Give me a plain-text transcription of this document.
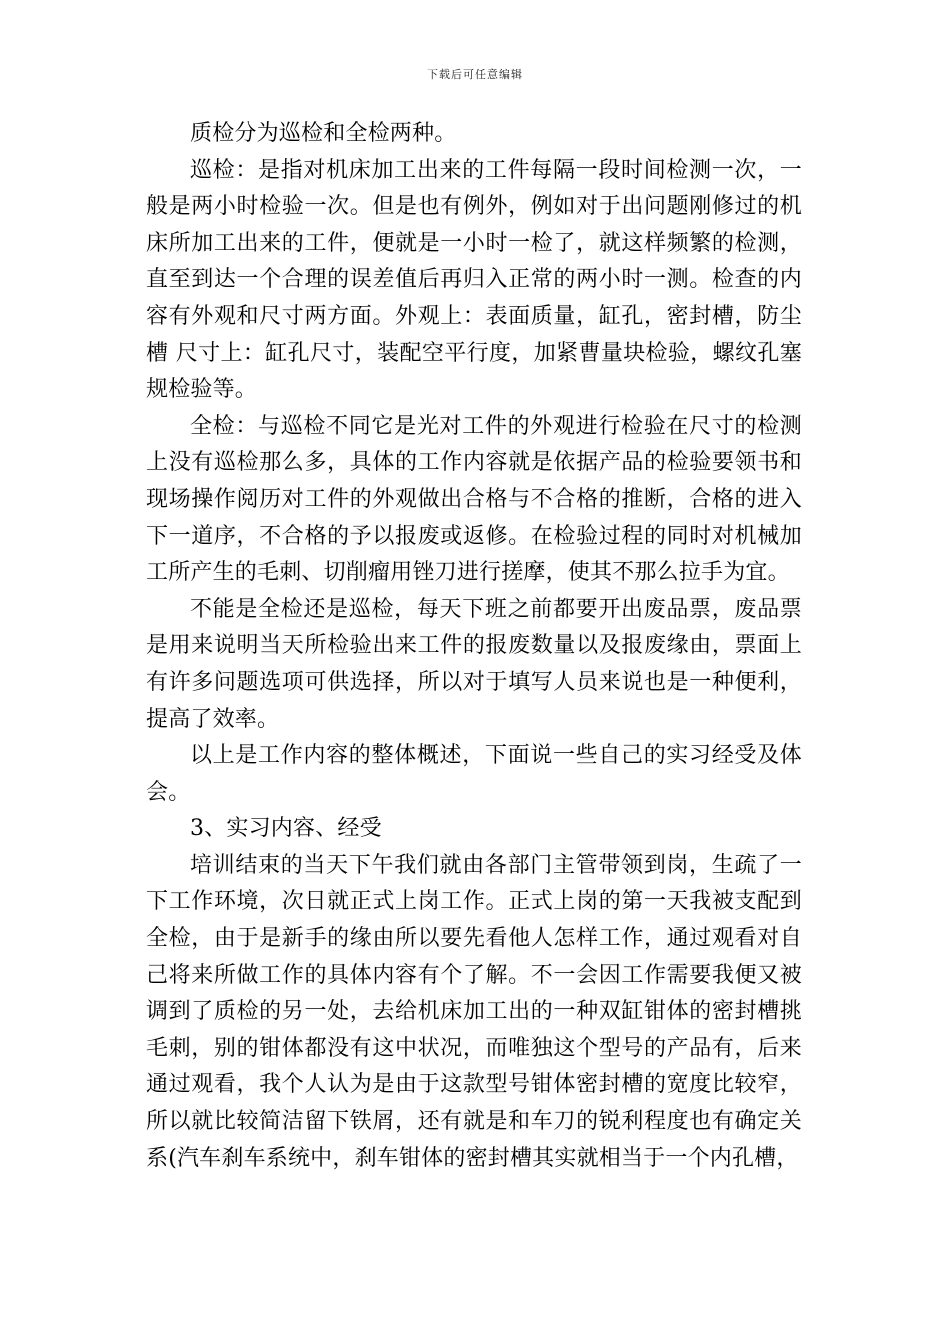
下载后可任意编辑

质检分为巡检和全检两种。

巡检：是指对机床加工出来的工件每隔一段时间检测一次，一般是两小时检验一次。但是也有例外，例如对于出问题刚修过的机床所加工出来的工件，便就是一小时一检了，就这样频繁的检测，直至到达一个合理的误差值后再归入正常的两小时一测。检查的内容有外观和尺寸两方面。外观上：表面质量，缸孔，密封槽，防尘槽 尺寸上：缸孔尺寸，装配空平行度，加紧曹量块检验，螺纹孔塞规检验等。

全检：与巡检不同它是光对工件的外观进行检验在尺寸的检测上没有巡检那么多，具体的工作内容就是依据产品的检验要领书和现场操作阅历对工件的外观做出合格与不合格的推断，合格的进入下一道序，不合格的予以报废或返修。在检验过程的同时对机械加工所产生的毛刺、切削瘤用锉刀进行搓摩，使其不那么拉手为宜。

不能是全检还是巡检，每天下班之前都要开出废品票，废品票是用来说明当天所检验出来工件的报废数量以及报废缘由，票面上有许多问题选项可供选择，所以对于填写人员来说也是一种便利，提高了效率。

以上是工作内容的整体概述，下面说一些自己的实习经受及体会。

3、实习内容、经受

培训结束的当天下午我们就由各部门主管带领到岗，生疏了一下工作环境，次日就正式上岗工作。正式上岗的第一天我被支配到全检，由于是新手的缘由所以要先看他人怎样工作，通过观看对自己将来所做工作的具体内容有个了解。不一会因工作需要我便又被调到了质检的另一处，去给机床加工出的一种双缸钳体的密封槽挑毛刺，别的钳体都没有这中状况，而唯独这个型号的产品有，后来通过观看，我个人认为是由于这款型号钳体密封槽的宽度比较窄，所以就比较简洁留下铁屑，还有就是和车刀的锐利程度也有确定关系(汽车刹车系统中，刹车钳体的密封槽其实就相当于一个内孔槽，
